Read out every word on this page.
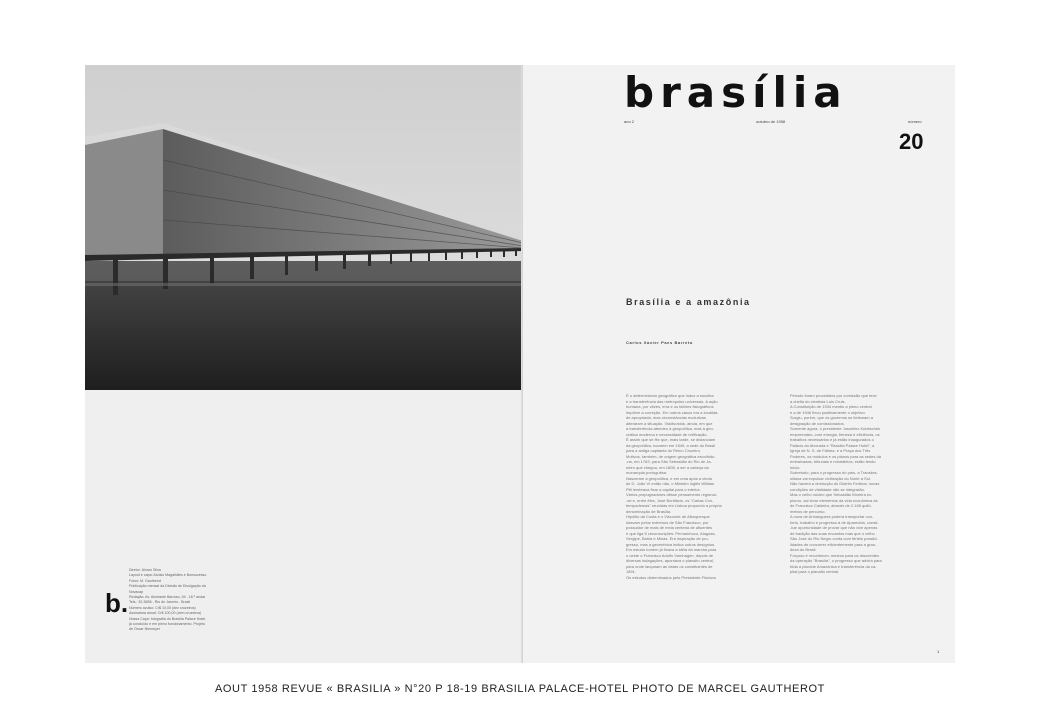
b.
Diretor: Álvaro Silva
Layout e capa: Aloísio Magalhães e Bonsucesso
Fotos: M. Gautherot
Publicação mensal da Divisão de Divulgação da
Novacap
Redação: Av. Almirante Barroso, 54 - 16.º andar
Tels.: 32-5656 - Rio de Janeiro - Brasil
Número avulso: Cr$ 10,00 (dez cruzeiros)
Assinatura anual: Cr$ 100,00 (cem cruzeiros)
Nossa Capa: fotografia do Brasília Palace Hotel,
já concluído e em pleno funcionamento. Projeto
de Oscar Niemeyer
brasília
ano 2	outubro de 1958	número
20
Brasília e a amazônia
Carlos Xavier Paes Barreto
É o determinismo geográfico que induz a escolha
e a transferência das metrópoles universais. A ação
humana, por vêzes, erra e os fatôres fisiográficos
impõem a correção. Em outros casos era a localida-
de apropriada, mas circunstâncias evolutivas
alteraram a situação. Vladivostok, ainda, em que
a transferência atendeu à geopolítica, mas à geo-
crática moderna e necessidade de retificação.
É assim que se fêz que, mais tarde, se distanciam
da geopolítica, tocarem em 1549, a sede do Brasil
para a antiga capitania do Reino Cruzeiro.
Motivos, também, de origem geográfica escolhido-
-na, em 1763, para São Sebastião do Rio de Ja-
neiro que chegou, em 1808, a ser a cabeça da
monarquia portuguêsa.
Nasceram a geopolítica, e em uma após a vinda
de D. João VI então não, o Ministro inglês William
Pitt lembrava fixar a capital para o interior.
Vários propugnadores dêsse pensamento regional-
-se e, entre êles, José Bonifácio, os "Cartas Con-
temporâneas" reunidas em Lisboa propondo a própria
denominação de Brasília.
Hipólito da Costa e o Visconde de Albuquerque
lutavam pelos extremos de São Francisco, por
possuidor de mais de meia centena de afluentes
e que liga 5 circunscrições: Pernambuco, Alagoas,
Sergipe, Bahia e Minas. Era inspiração de pro-
gresso, mas a geométrica indica outros desígnios.
Em estudo tomem já fixava a idéia da marcha para
o oeste o Francisco Adolfo Varnhagen, depois de
diversas indagações, apontava o planalto central,
para onde lançaram as vistas os constituintes de
1891.
Os estudos determinados pelo Presidente Floriano
Peixoto foram procedidos por comissão que teve
a chefia do cientista Luís Cruls.
A Constituição de 1934 mentiu a pleno central
e a de 1946 fixou positivamente o objetivo.
Surgiu, porém, que os governos se limitaram a
designação de comissionados.
Somente agora, o presidente Juscelino Kubitschek
empreendeu, com energia, firmeza e eficiência, os
trabalhos necessários e já estão inaugurados o
Palácio da Alvorada e "Brasília Palace Hotel", a
Igreja de N. S. de Fátima, e a Praça dos Três
Poderes, os módulos e os planos para as sedes da
embaixadas, tribunais e ministérios, estão tendo
início.
Sobretudo, para o progresso do país, a Transbra-
siliana vai expulsar civilização do Norte a Sul.
Não haverá a obstrução do Distrito Federal, novas
condições de vitalidade não se integrarão.
Mas o velho núcleo que Sebastião Moreira ex-
plorou, sai levar elementos da vida econômica às
de Francisco Caldeira, através de 2.165 quilô-
metros de percurso.
A nova de Anhanguera poderá transportar con-
forto, trabalho e progresso à de Aparecida, consti-
-tue oportunidade de provar que não vive apenas
de tradição das suas encantos mas que o velho
São José do Rio Negro conta com férteis possibi-
lidades de concorrer eficientemente para a gran-
deza do Brasil.
Forçoso é reconhecer, mesmo para os descrentes
da operação "Brasília", o progresso que advirá para
tôda a planície Amazônica e transferência da ca-
pital para o planalto central.
1
AOUT 1958 REVUE « BRASILIA » N°20 P 18-19 BRASILIA PALACE-HOTEL PHOTO DE MARCEL GAUTHEROT
